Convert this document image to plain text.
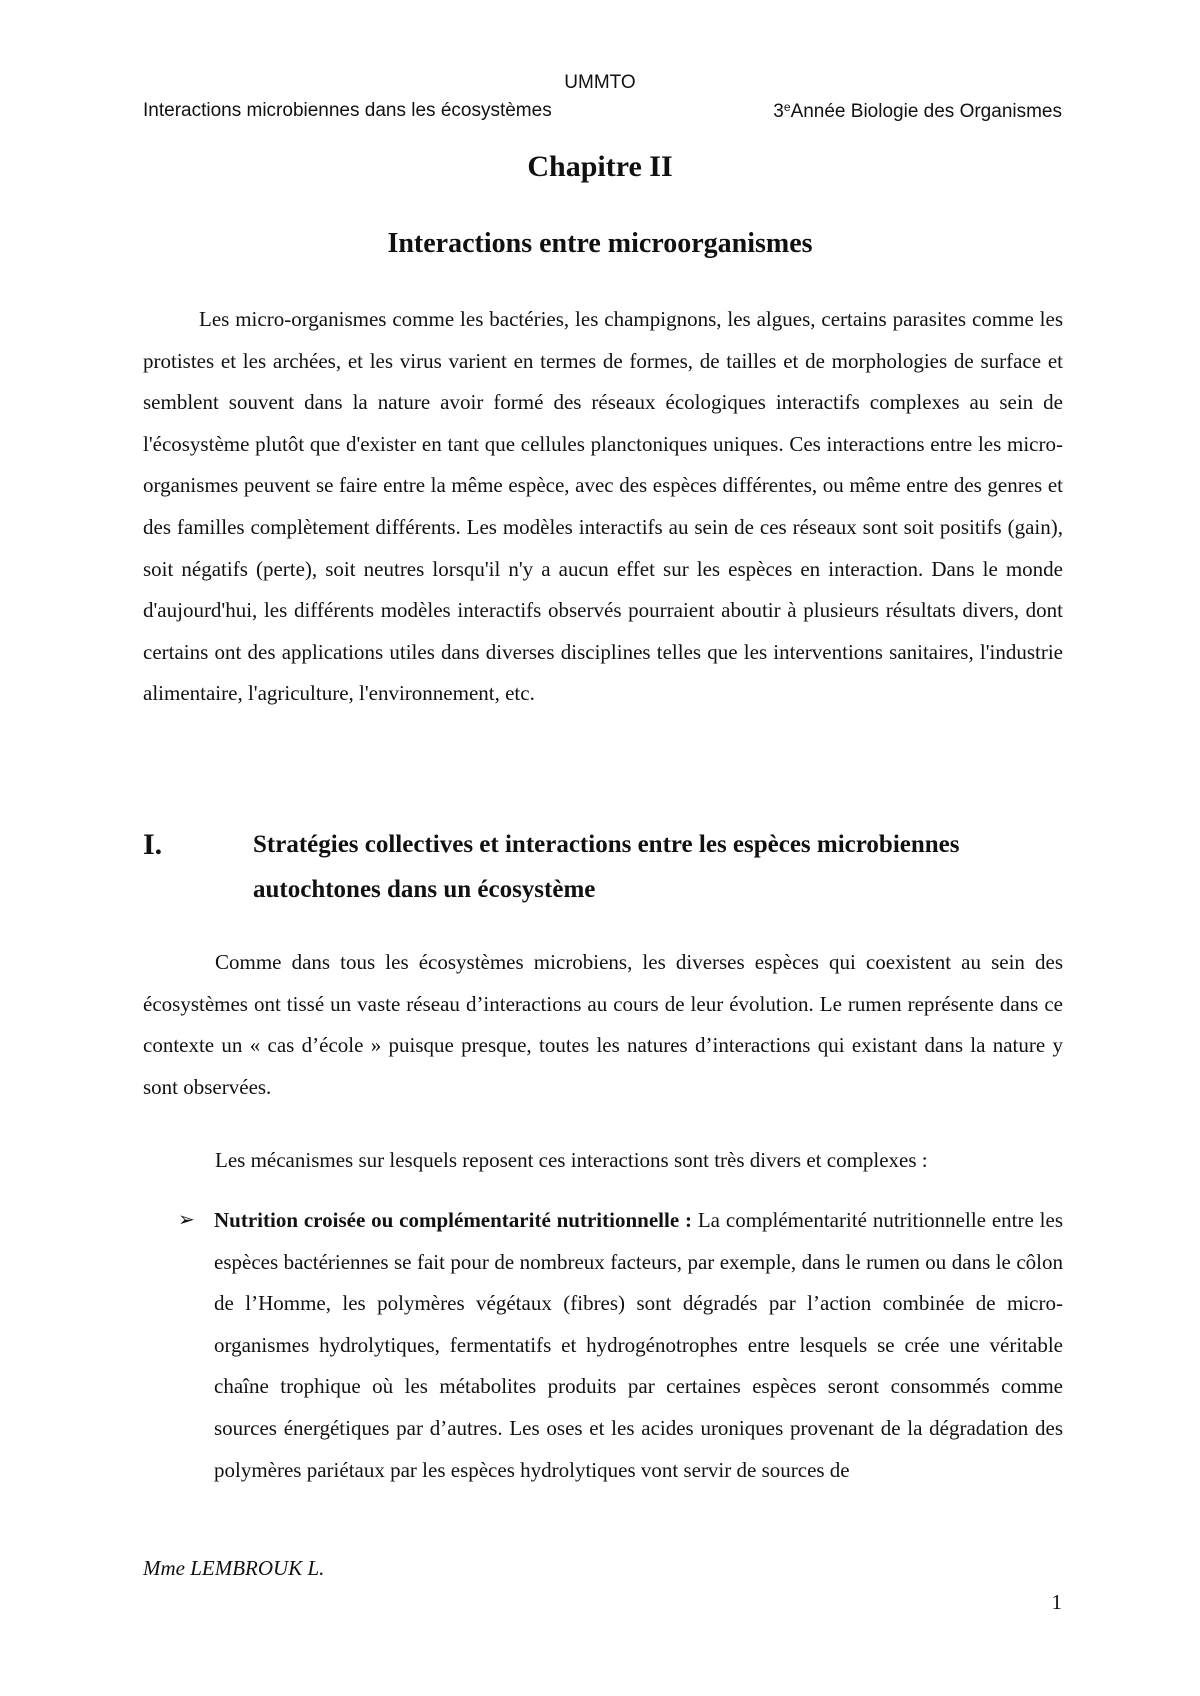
UMMTO
Interactions microbiennes dans les écosystèmes	3eAnnée Biologie des Organismes
Chapitre II
Interactions entre microorganismes
Les micro-organismes comme les bactéries, les champignons, les algues, certains parasites comme les protistes et les archées, et les virus varient en termes de formes, de tailles et de morphologies de surface et semblent souvent dans la nature avoir formé des réseaux écologiques interactifs complexes au sein de l'écosystème plutôt que d'exister en tant que cellules planctoniques uniques. Ces interactions entre les micro-organismes peuvent se faire entre la même espèce, avec des espèces différentes, ou même entre des genres et des familles complètement différents. Les modèles interactifs au sein de ces réseaux sont soit positifs (gain), soit négatifs (perte), soit neutres lorsqu'il n'y a aucun effet sur les espèces en interaction. Dans le monde d'aujourd'hui, les différents modèles interactifs observés pourraient aboutir à plusieurs résultats divers, dont certains ont des applications utiles dans diverses disciplines telles que les interventions sanitaires, l'industrie alimentaire, l'agriculture, l'environnement, etc.
I.	Stratégies collectives et interactions entre les espèces microbiennes autochtones dans un écosystème
Comme dans tous les écosystèmes microbiens, les diverses espèces qui coexistent au sein des écosystèmes ont tissé un vaste réseau d’interactions au cours de leur évolution. Le rumen représente dans ce contexte un « cas d’école » puisque presque, toutes les natures d’interactions qui existant dans la nature y sont observées.
Les mécanismes sur lesquels reposent ces interactions sont très divers et complexes :
➢ Nutrition croisée ou complémentarité nutritionnelle : La complémentarité nutritionnelle entre les espèces bactériennes se fait pour de nombreux facteurs, par exemple, dans le rumen ou dans le côlon de l’Homme, les polymères végétaux (fibres) sont dégradés par l’action combinée de micro-organismes hydrolytiques, fermentatifs et hydrogénotrophes entre lesquels se crée une véritable chaîne trophique où les métabolites produits par certaines espèces seront consommés comme sources énergétiques par d’autres. Les oses et les acides uroniques provenant de la dégradation des polymères pariétaux par les espèces hydrolytiques vont servir de sources de
Mme LEMBROUK L.
1
